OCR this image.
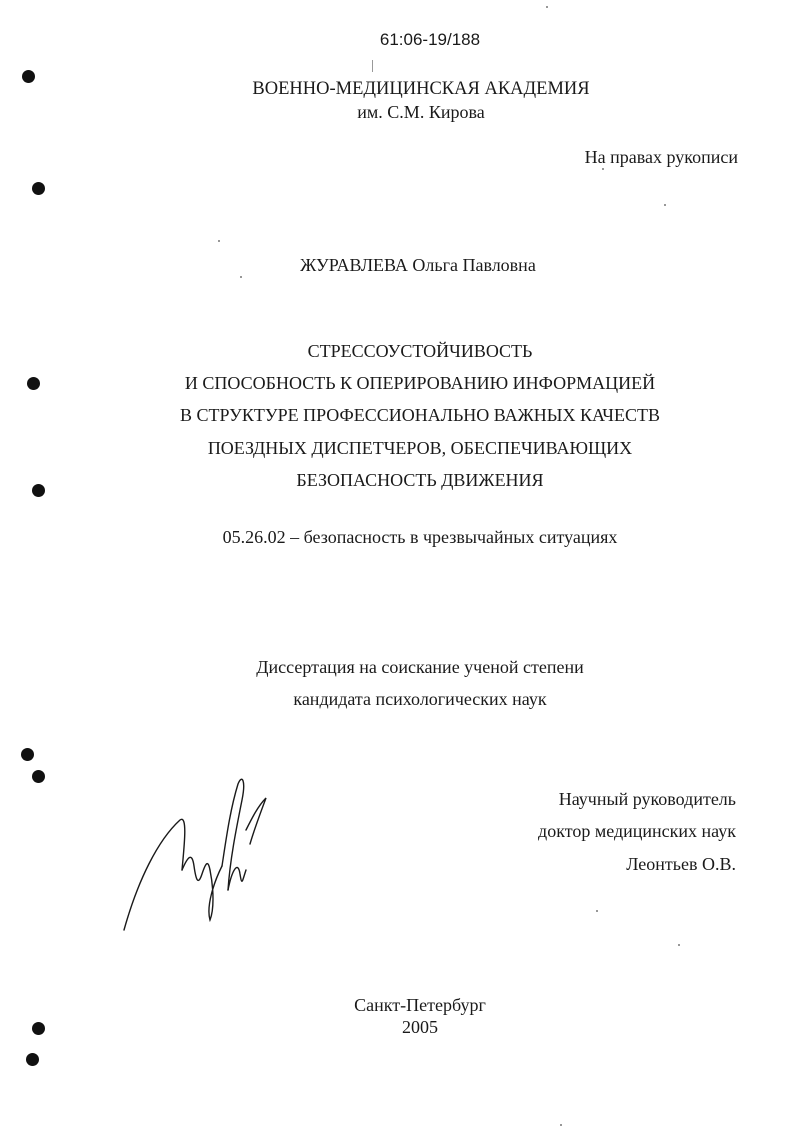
61:06-19/188
ВОЕННО-МЕДИЦИНСКАЯ АКАДЕМИЯ
им. С.М. Кирова
На правах рукописи
ЖУРАВЛЕВА Ольга Павловна
СТРЕССОУСТОЙЧИВОСТЬ
И СПОСОБНОСТЬ К ОПЕРИРОВАНИЮ ИНФОРМАЦИЕЙ
В СТРУКТУРЕ ПРОФЕССИОНАЛЬНО ВАЖНЫХ КАЧЕСТВ
ПОЕЗДНЫХ ДИСПЕТЧЕРОВ, ОБЕСПЕЧИВАЮЩИХ
БЕЗОПАСНОСТЬ ДВИЖЕНИЯ
05.26.02 – безопасность в чрезвычайных ситуациях
Диссертация на соискание ученой степени
кандидата психологических наук
Научный руководитель
доктор медицинских наук
Леонтьев О.В.
Санкт-Петербург
2005
